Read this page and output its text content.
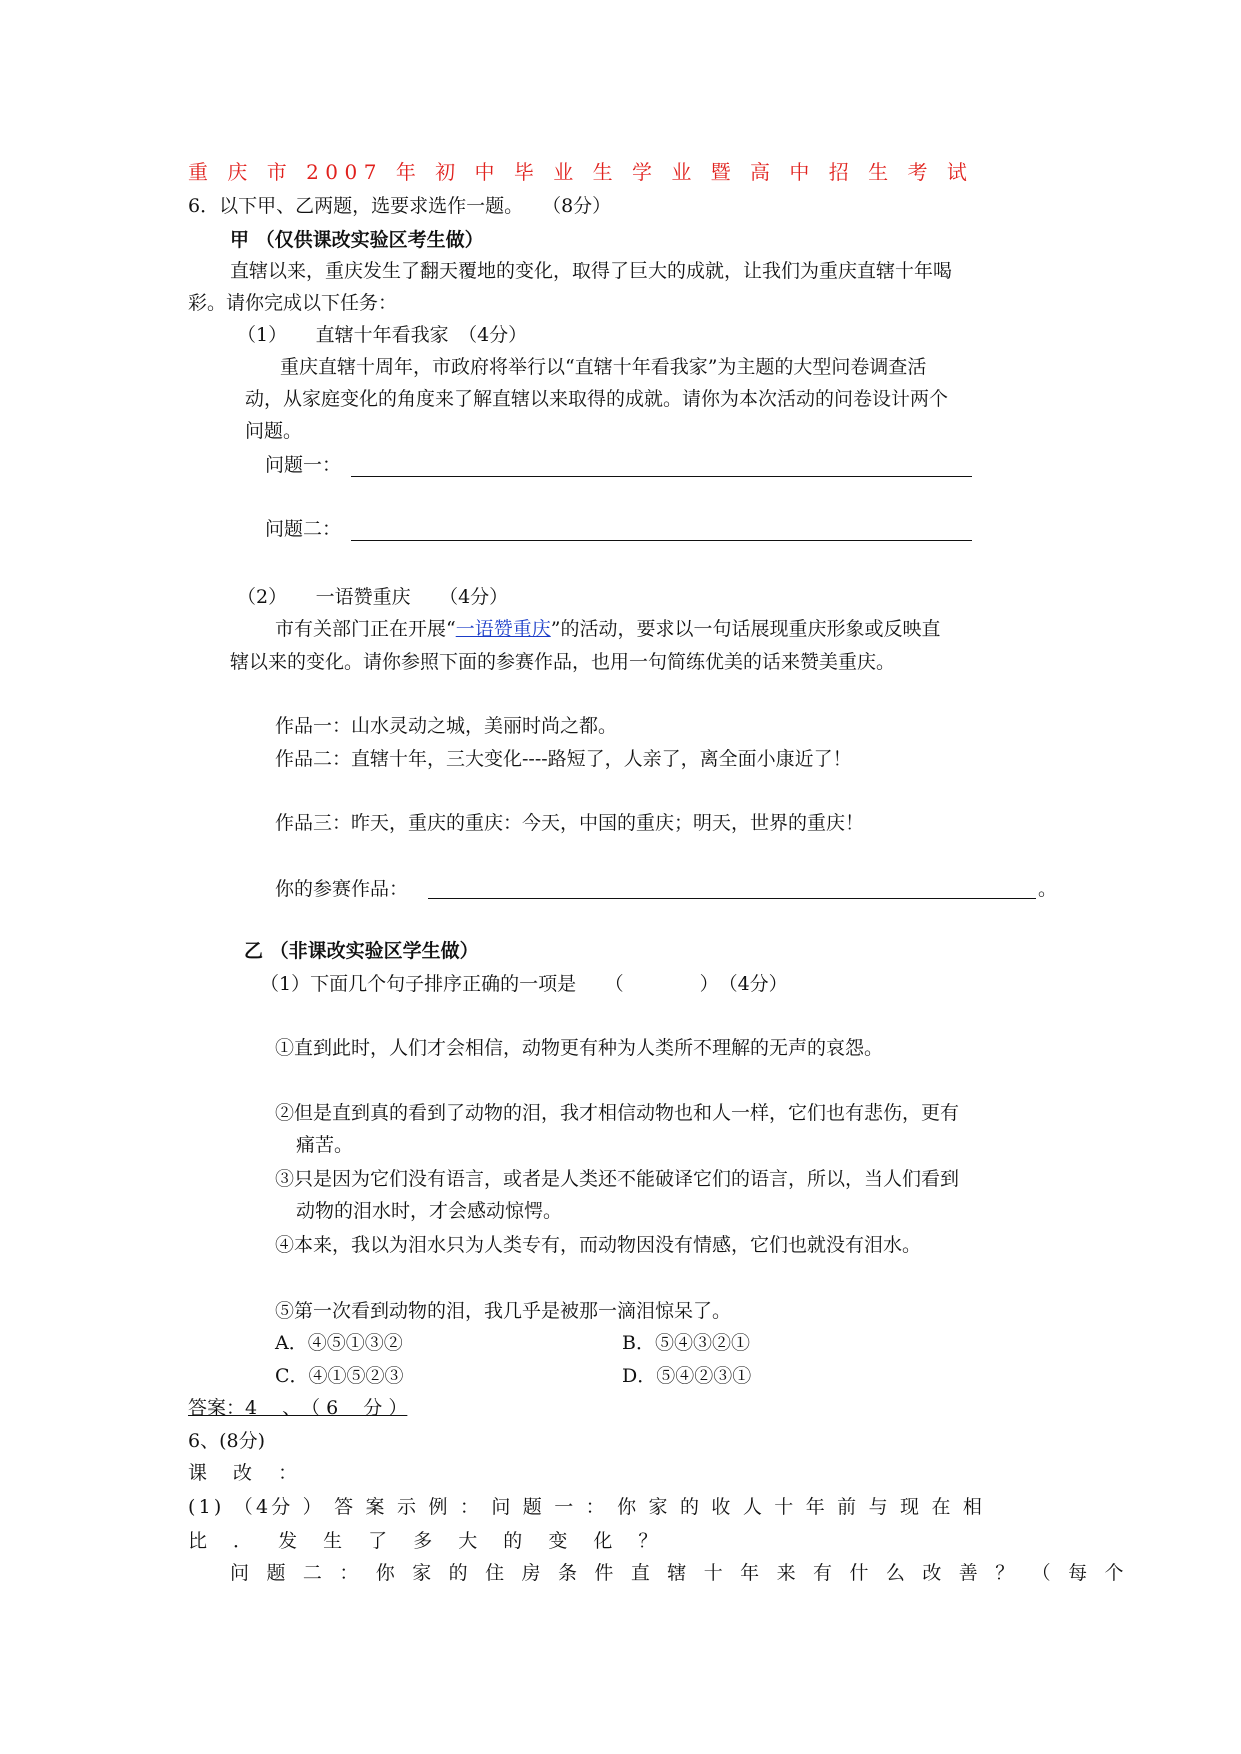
重 庆 市 2007 年 初 中 毕 业 生 学 业 暨 高 中 招 生 考 试
6．以下甲、乙两题，选要求选作一题。　　（8分）
甲 （仅供课改实验区考生做）
直辖以来，重庆发生了翻天覆地的变化，取得了巨大的成就，让我们为重庆直辖十年喝
彩。请你完成以下任务：
（1）　　直辖十年看我家　（4分）
重庆直辖十周年，市政府将举行以“直辖十年看我家”为主题的大型问卷调查活
动，从家庭变化的角度来了解直辖以来取得的成就。请你为本次活动的问卷设计两个
问题。
问题一：
问题二：
（2）　　一语赞重庆　　（4分）
市有关部门正在开展“一语赞重庆”的活动，要求以一句话展现重庆形象或反映直
辖以来的变化。请你参照下面的参赛作品，也用一句简练优美的话来赞美重庆。
作品一：山水灵动之城，美丽时尚之都。
作品二：直辖十年，三大变化----路短了，人亲了，离全面小康近了！
作品三：昨天，重庆的重庆：今天，中国的重庆；明天，世界的重庆！
你的参赛作品：	。
乙 （非课改实验区学生做）
（1）下面几个句子排序正确的一项是　　（　　　　）　（4分）
①直到此时，人们才会相信，动物更有种为人类所不理解的无声的哀怨。
②但是直到真的看到了动物的泪，我才相信动物也和人一样，它们也有悲伤，更有
痛苦。
③只是因为它们没有语言，或者是人类还不能破译它们的语言，所以，当人们看到
动物的泪水时，才会感动惊愕。
④本来，我以为泪水只为人类专有，而动物因没有情感，它们也就没有泪水。
⑤第一次看到动物的泪，我几乎是被那一滴泪惊呆了。
A．④⑤①③②	B．⑤④③②①
C．④①⑤②③	D．⑤④②③①
答案：4 　、　（ 6 　分 ）
6、(8分)
课 改 ：
(1) （4分 ） 答 案 示 例 ： 问 题 一 ： 你 家 的 收 人 十 年 前 与 现 在 相
比 ． 发 生 了 多 大 的 变 化 ？
问 题 二 ： 你 家 的 住 房 条 件 直 辖 十 年 来 有 什 么 改 善 ？ （ 每 个
